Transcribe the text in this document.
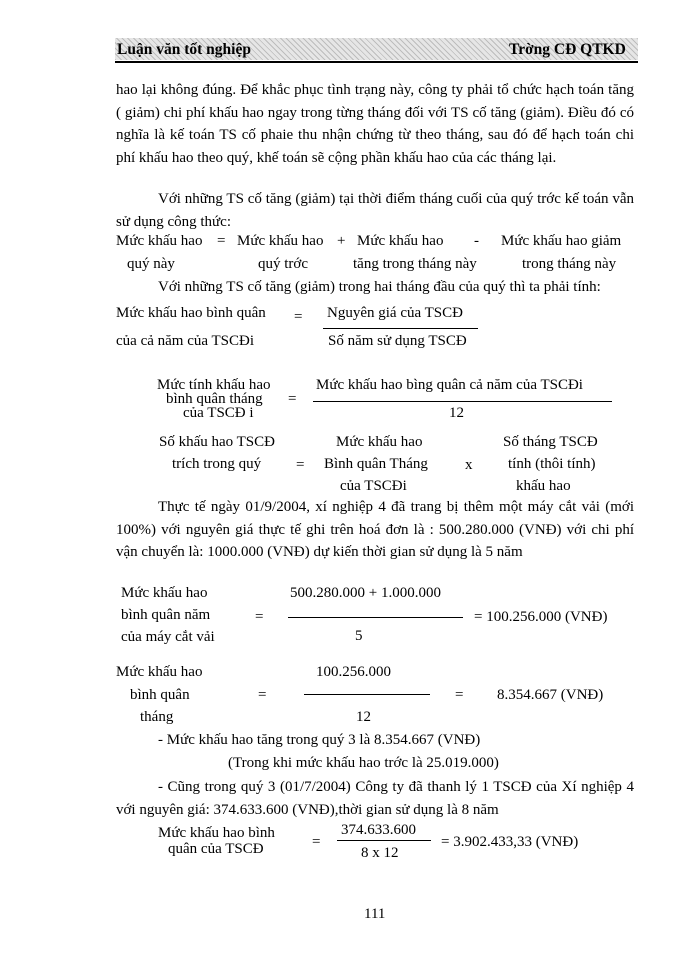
Luận văn tốt nghiệp	Trờng CĐ QTKD
hao lại không đúng. Để khắc phục tình trạng này, công ty phải tổ chức hạch toán tăng ( giảm) chi phí khấu hao ngay trong từng tháng đối với TS cố tăng (giảm). Điều đó có nghĩa là kế toán TS cố phaie thu nhận chứng từ theo tháng, sau đó để hạch toán chi phí khấu hao theo quý, khế toán sẽ cộng phần khấu hao của các tháng lại.
Với những TS cố tăng (giảm) tại thời điểm tháng cuối của quý trớc kế toán vẫn sử dụng công thức:
Mức khấu hao = Mức khấu hao + Mức khấu hao - Mức khấu hao giảm
quý này	quý trớc	tăng trong tháng này	trong tháng này
Với những TS cố tăng (giảm) trong hai tháng đầu của quý thì ta phải tính:
Mức khấu hao bình quân
của cả năm của TSCĐi
= Nguyên giá của TSCĐ
Số năm sử dụng TSCĐ
Mức tính khấu hao
bình quân tháng
của TSCĐ i
=
Mức khấu hao bìng quân cả năm của TSCĐi
12
Số khấu hao TSCĐ
trích trong quý =
Mức khấu hao
Bình quân Tháng
của TSCĐi
x
Số tháng TSCĐ
tính (thôi tính)
khấu hao
Thực tế ngày 01/9/2004, xí nghiệp 4 đã trang bị thêm một máy cắt vải (mới 100%) với nguyên giá thực tế ghi trên hoá đơn là : 500.280.000 (VNĐ) với chi phí vận chuyển là: 1000.000 (VNĐ) dự kiến thời gian sử dụng là 5 năm
Mức khấu hao
bình quân năm
của máy cắt vải
=
500.280.000 + 1.000.000
5
= 100.256.000 (VNĐ)
Mức khấu hao
bình quân
tháng
=
100.256.000
12
= 8.354.667 (VNĐ)
- Mức khấu hao tăng trong quý 3 là 8.354.667 (VNĐ)
(Trong khi mức khấu hao trớc là 25.019.000)
- Cũng trong quý 3 (01/7/2004) Công ty đã thanh lý 1 TSCĐ của Xí nghiệp 4 với nguyên giá: 374.633.600 (VNĐ),thời gian sử dụng là 8 năm
Mức khấu hao bình
quân của TSCĐ	=
374.633.600
8 x 12
= 3.902.433,33 (VNĐ)
111
